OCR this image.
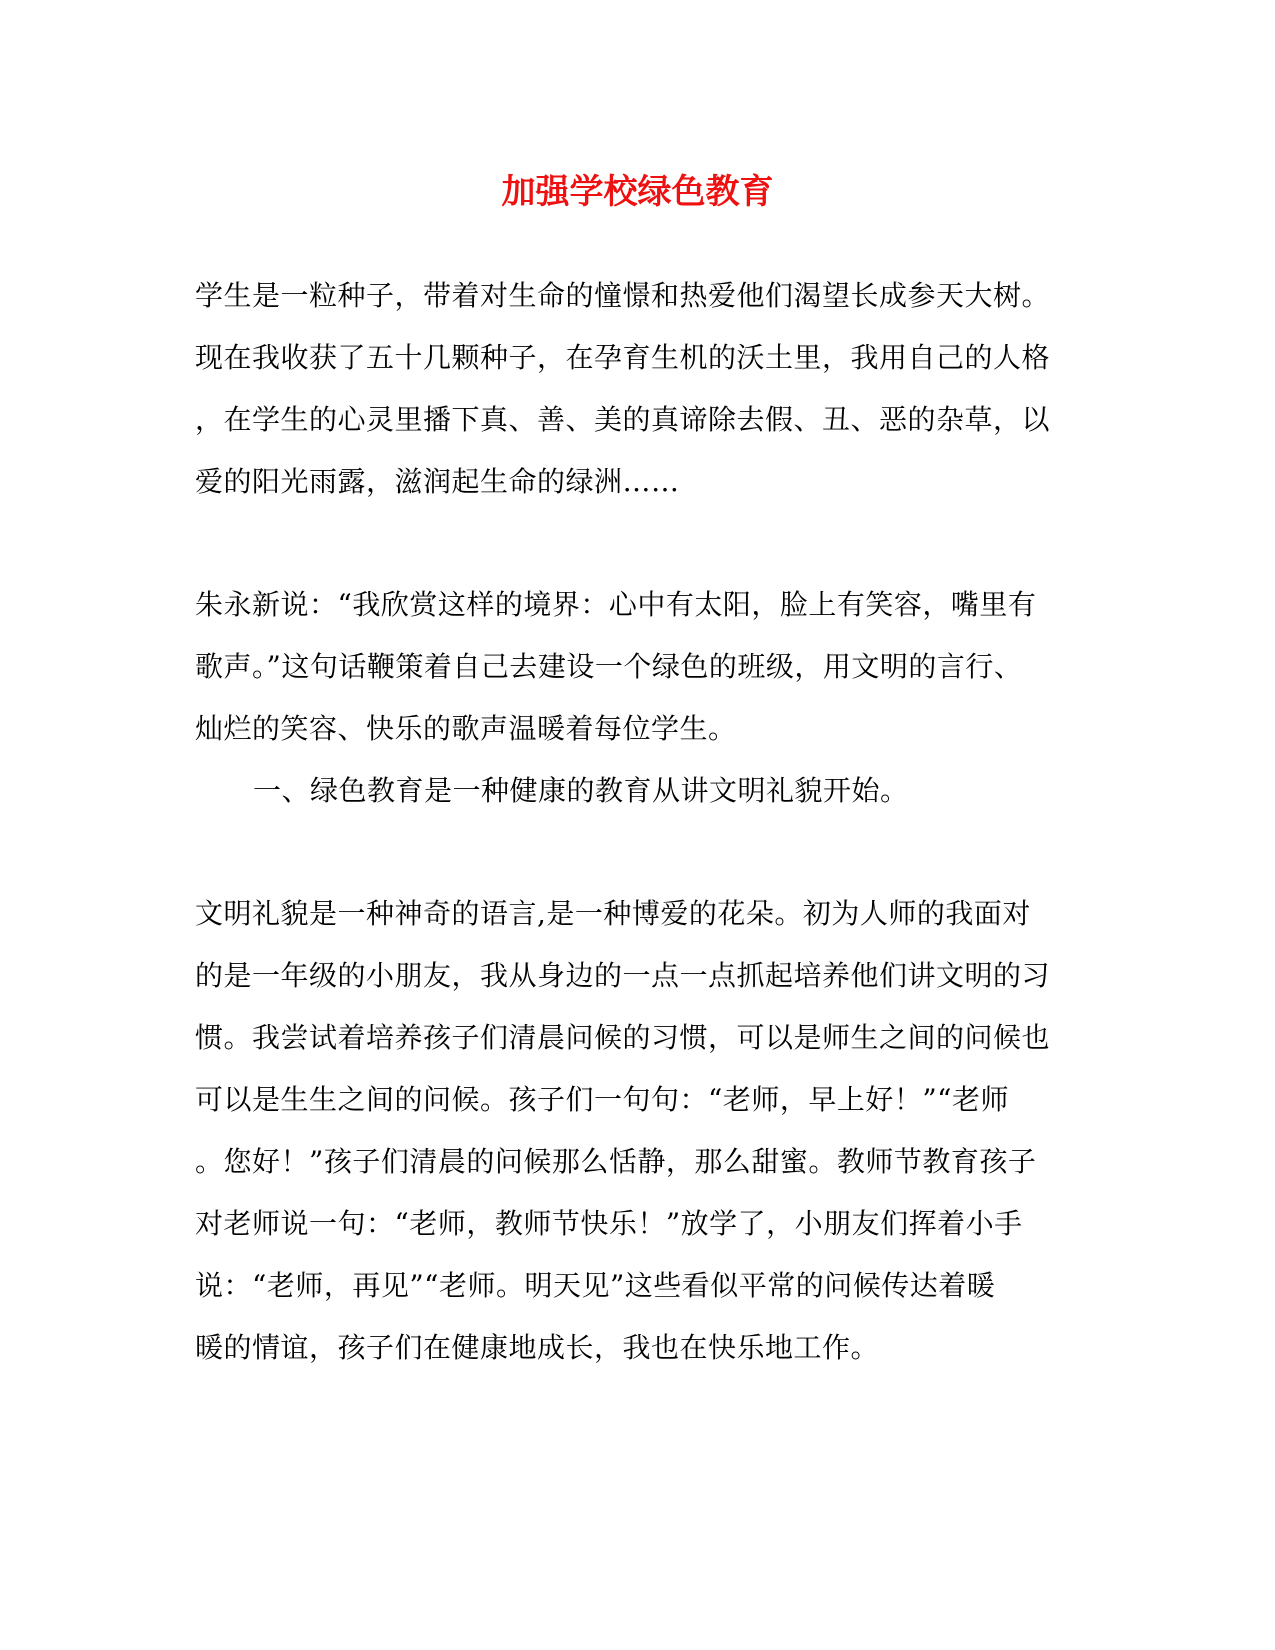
加强学校绿色教育

学生是一粒种子，带着对生命的憧憬和热爱他们渴望长成参天大树。

现在我收获了五十几颗种子，在孕育生机的沃土里，我用自己的人格

，在学生的心灵里播下真、善、美的真谛除去假、丑、恶的杂草，以

爱的阳光雨露，滋润起生命的绿洲……

朱永新说：“我欣赏这样的境界：心中有太阳，脸上有笑容，嘴里有

歌声。”这句话鞭策着自己去建设一个绿色的班级，用文明的言行、

灿烂的笑容、快乐的歌声温暖着每位学生。

一、绿色教育是一种健康的教育从讲文明礼貌开始。

文明礼貌是一种神奇的语言,是一种博爱的花朵。初为人师的我面对

的是一年级的小朋友，我从身边的一点一点抓起培养他们讲文明的习

惯。我尝试着培养孩子们清晨问候的习惯，可以是师生之间的问候也

可以是生生之间的问候。孩子们一句句：“老师，早上好！”“老师

。您好！”孩子们清晨的问候那么恬静，那么甜蜜。教师节教育孩子

对老师说一句：“老师，教师节快乐！”放学了，小朋友们挥着小手

说：“老师，再见”“老师。明天见”这些看似平常的问候传达着暖

暖的情谊，孩子们在健康地成长，我也在快乐地工作。
